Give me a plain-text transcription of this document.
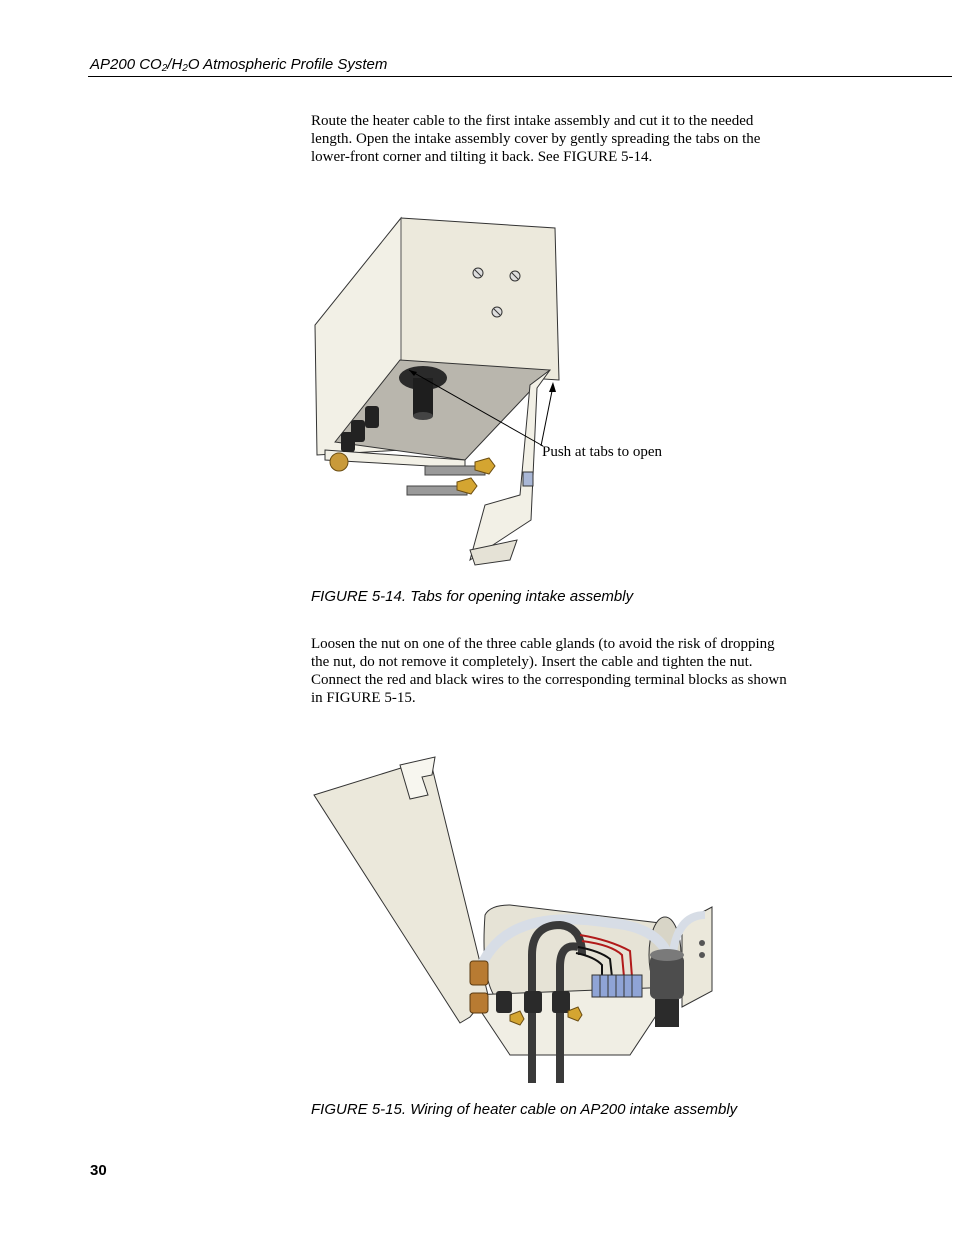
AP200 $CO_2/H_2O$ Atmospheric Profile System
Route the heater cable to the first intake assembly and cut it to the needed
length. Open the intake assembly cover by gently spreading the tabs on the
lower-front corner and tilting it back. See FIGURE 5-14.
Push at tabs to open
FIGURE 5-14. Tabs for opening intake assembly
Loosen the nut on one of the three cable glands (to avoid the risk of dropping
the nut, do not remove it completely). Insert the cable and tighten the nut.
Connect the red and black wires to the corresponding terminal blocks as shown
in FIGURE 5-15.
FIGURE 5-15. Wiring of heater cable on AP200 intake assembly
30
